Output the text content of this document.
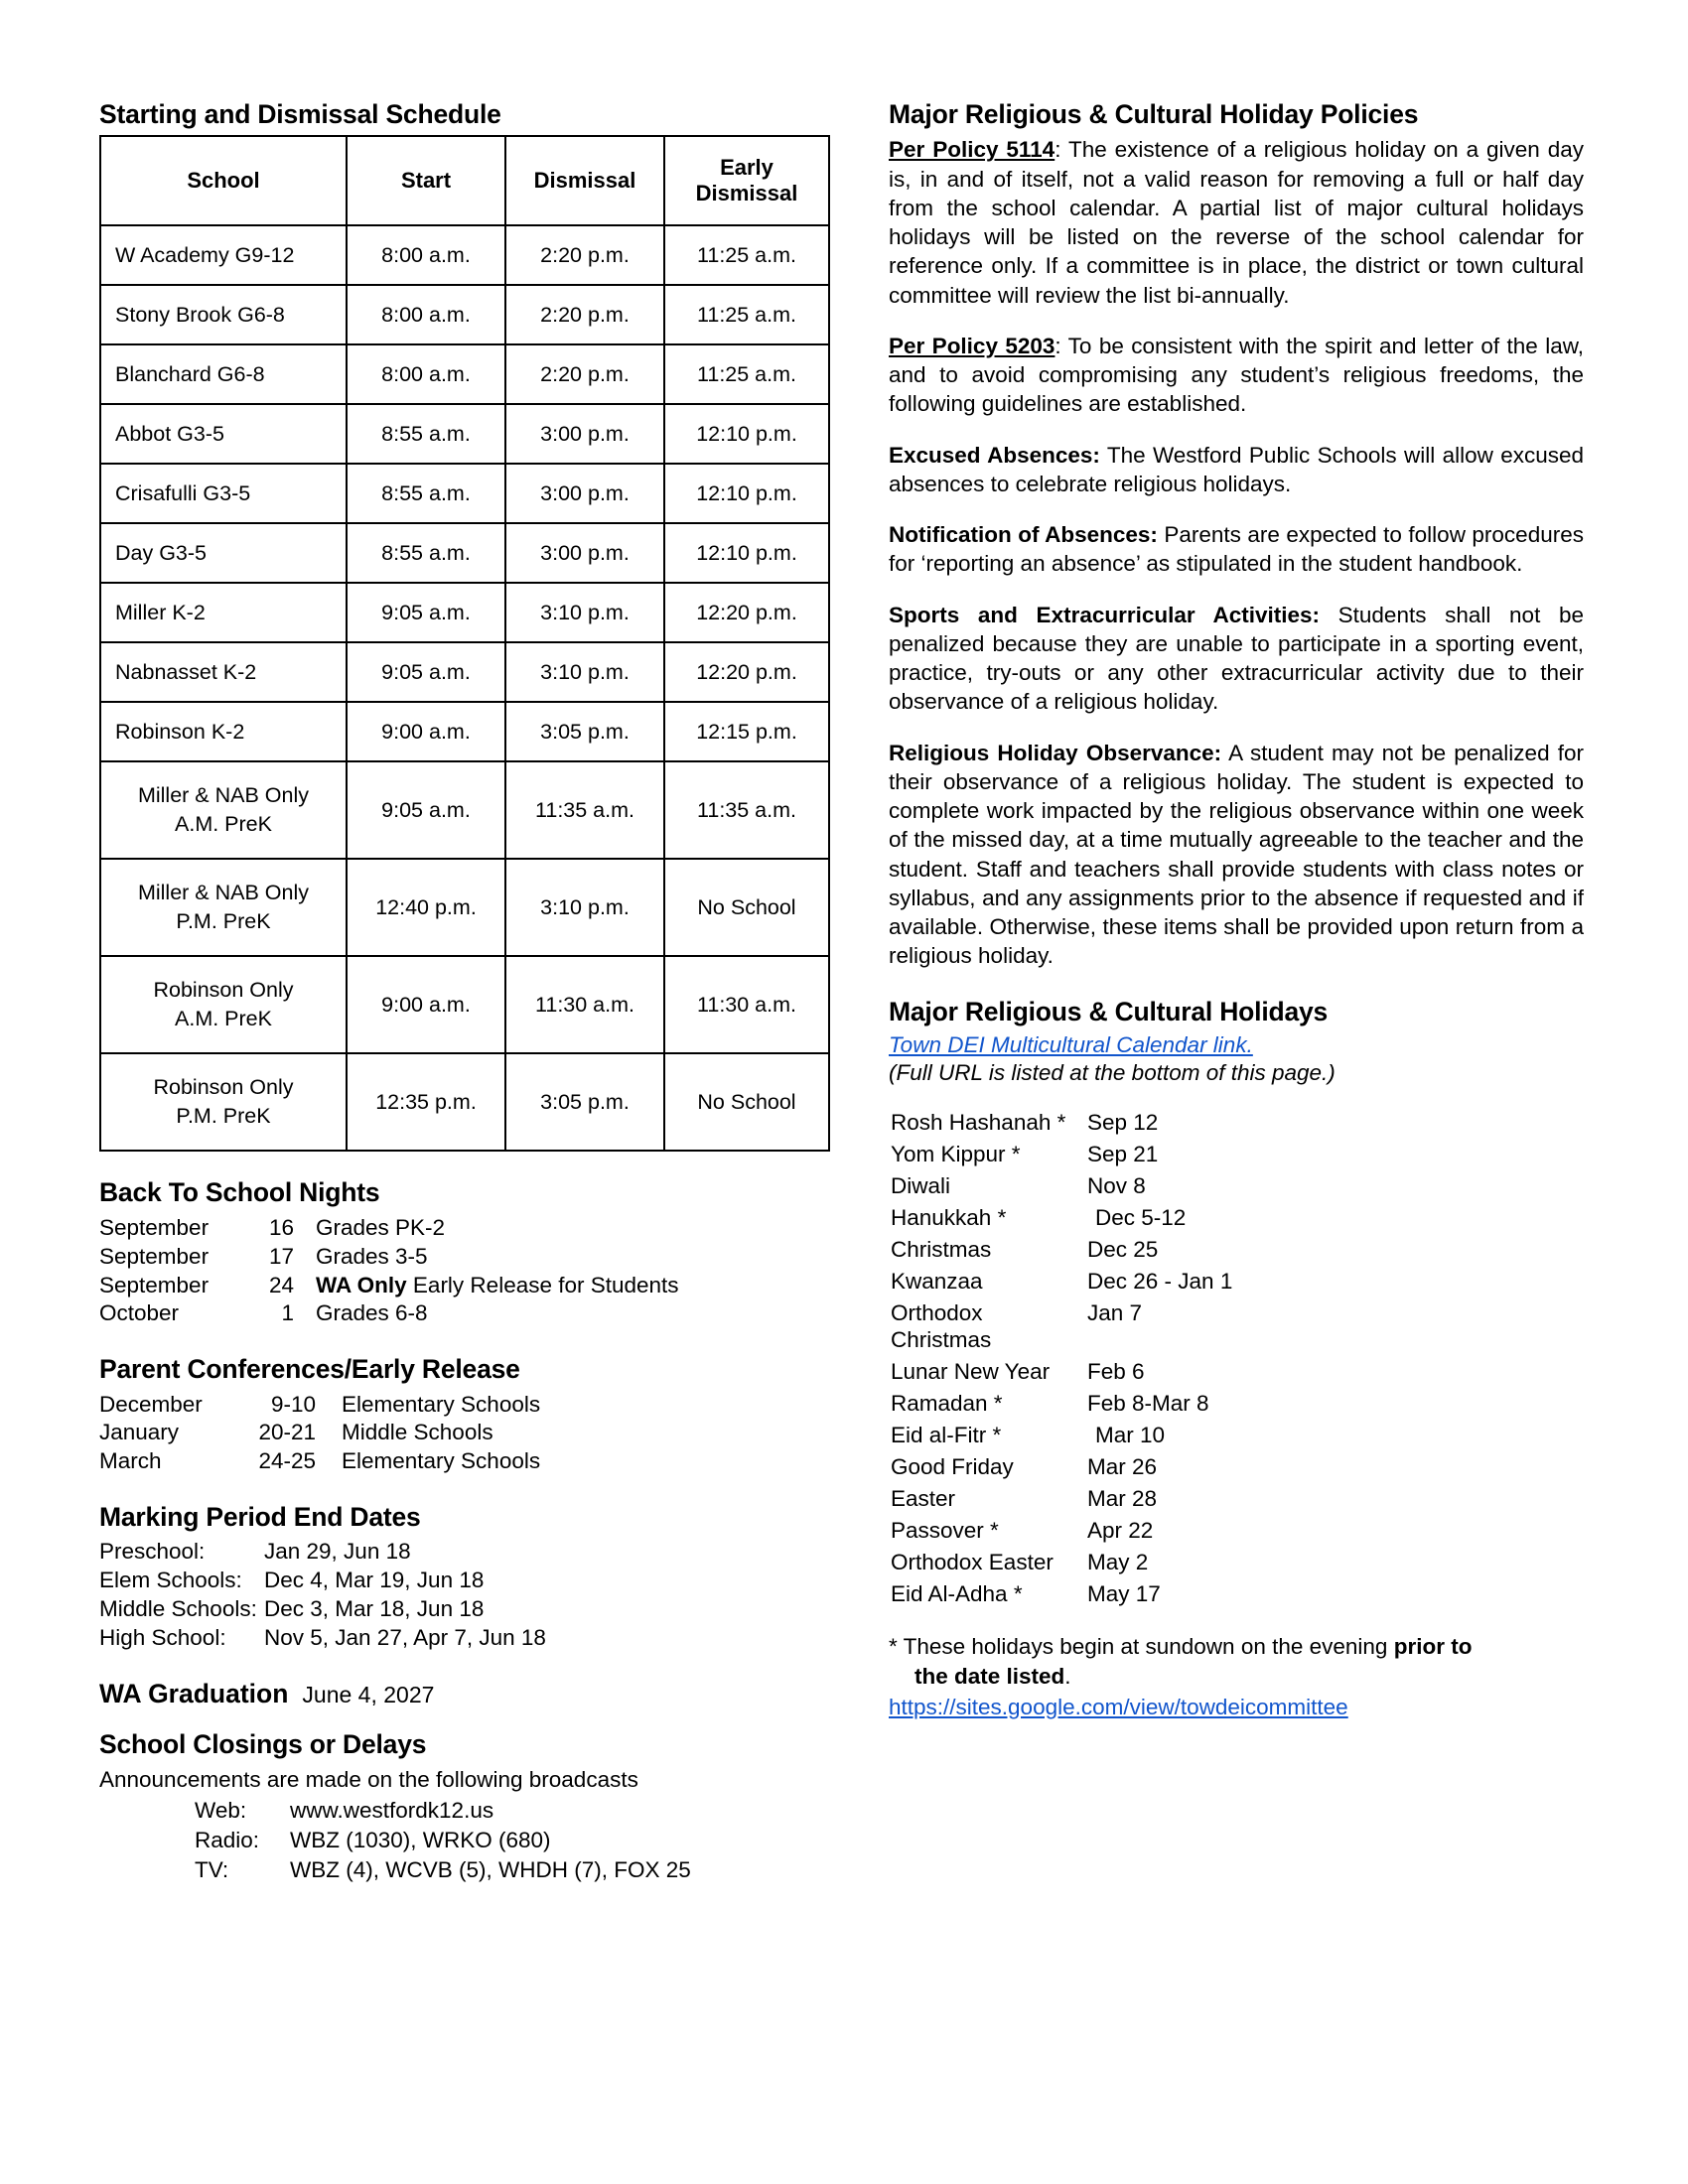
Starting and Dismissal Schedule
School	Start	Dismissal	Early
Dismissal

W Academy G9-12	8:00 a.m.	2:20 p.m.	11:25 a.m.
Stony Brook G6-8	8:00 a.m.	2:20 p.m.	11:25 a.m.
Blanchard G6-8	8:00 a.m.	2:20 p.m.	11:25 a.m.
Abbot G3-5	8:55 a.m.	3:00 p.m.	12:10 p.m.
Crisafulli G3-5	8:55 a.m.	3:00 p.m.	12:10 p.m.
Day G3-5	8:55 a.m.	3:00 p.m.	12:10 p.m.
Miller K-2	9:05 a.m.	3:10 p.m.	12:20 p.m.
Nabnasset K-2	9:05 a.m.	3:10 p.m.	12:20 p.m.
Robinson K-2	9:00 a.m.	3:05 p.m.	12:15 p.m.

Miller & NAB Only
A.M. PreK	9:05 a.m.	11:35 a.m.	11:35 a.m.

Miller & NAB Only
P.M. PreK	12:40 p.m.	3:10 p.m.	No School

Robinson Only
A.M. PreK	9:00 a.m.	11:30 a.m.	11:30 a.m.

Robinson Only
P.M. PreK	12:35 p.m.	3:05 p.m.	No School
Back To School Nights
September	16 Grades PK-2
September	17 Grades 3-5
September	24 WA Only Early Release for Students
October	1 Grades 6-8
Parent Conferences/Early Release
December	9-10	Elementary Schools
January	20-21	Middle Schools
March	24-25	Elementary Schools
Marking Period End Dates
Preschool:	Jan 29, Jun 18
Elem Schools: Dec 4, Mar 19, Jun 18
Middle Schools: Dec 3, Mar 18, Jun 18
High School:	Nov 5, Jan 27, Apr 7, Jun 18
WA Graduation June 4, 2027
School Closings or Delays
Announcements are made on the following broadcasts
Web:	www.westfordk12.us
Radio:	WBZ (1030), WRKO (680)
TV:	WBZ (4), WCVB (5), WHDH (7), FOX 25
Major Religious & Cultural Holiday Policies

Per Policy 5114: The existence of a religious holiday on a given day is, in and of itself, not a valid reason for removing a full or half day from the school calendar. A partial list of major cultural holidays holidays will be listed on the reverse of the school calendar for reference only. If a committee is in place, the district or town cultural committee will review the list bi-annually.

Per Policy 5203: To be consistent with the spirit and letter of the law, and to avoid compromising any student’s religious freedoms, the following guidelines are established.

Excused Absences: The Westford Public Schools will allow excused absences to celebrate religious holidays.

Notification of Absences: Parents are expected to follow procedures for ‘reporting an absence’ as stipulated in the student handbook.

Sports and Extracurricular Activities: Students shall not be penalized because they are unable to participate in a sporting event, practice, try-outs or any other extracurricular activity due to their observance of a religious holiday.

Religious Holiday Observance: A student may not be penalized for their observance of a religious holiday. The student is expected to complete work impacted by the religious observance within one week of the missed day, at a time mutually agreeable to the teacher and the student. Staff and teachers shall provide students with class notes or syllabus, and any assignments prior to the absence if requested and if available. Otherwise, these items shall be provided upon return from a religious holiday.

Major Religious & Cultural Holidays
Town DEI Multicultural Calendar link.
(Full URL is listed at the bottom of this page.)
Rosh Hashanah *	Sep 12
Yom Kippur *	Sep 21
Diwali	Nov 8
Hanukkah *	Dec 5-12
Christmas	Dec 25
Kwanzaa	Dec 26 - Jan 1
Orthodox Christmas	Jan 7
Lunar New Year	Feb 6
Ramadan *	Feb 8-Mar 8
Eid al-Fitr *	Mar 10
Good Friday	Mar 26
Easter	Mar 28
Passover *	Apr 22
Orthodox Easter	May 2
Eid Al-Adha *	May 17
* These holidays begin at sundown on the evening prior to
the date listed.
https://sites.google.com/view/towdeicommittee
